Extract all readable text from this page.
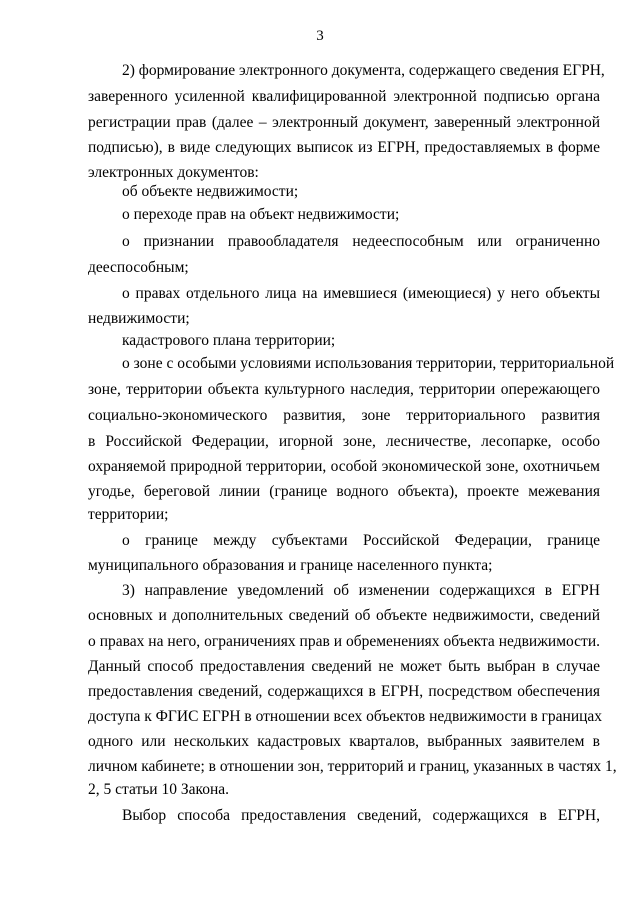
3
2) формирование электронного документа, содержащего сведения ЕГРН,
заверенного усиленной квалифицированной электронной подписью органа
регистрации прав (далее – электронный документ, заверенный электронной
подписью), в виде следующих выписок из ЕГРН, предоставляемых в форме
электронных документов:
об объекте недвижимости;
о переходе прав на объект недвижимости;
о признании правообладателя недееспособным или ограниченно
дееспособным;
о правах отдельного лица на имевшиеся (имеющиеся) у него объекты
недвижимости;
кадастрового плана территории;
о зоне с особыми условиями использования территории, территориальной
зоне, территории объекта культурного наследия, территории опережающего
социально-экономического развития, зоне территориального развития
в Российской Федерации, игорной зоне, лесничестве, лесопарке, особо
охраняемой природной территории, особой экономической зоне, охотничьем
угодье, береговой линии (границе водного объекта), проекте межевания
территории;
о границе между субъектами Российской Федерации, границе
муниципального образования и границе населенного пункта;
3) направление уведомлений об изменении содержащихся в ЕГРН
основных и дополнительных сведений об объекте недвижимости, сведений
о правах на него, ограничениях прав и обременениях объекта недвижимости.
Данный способ предоставления сведений не может быть выбран в случае
предоставления сведений, содержащихся в ЕГРН, посредством обеспечения
доступа к ФГИС ЕГРН в отношении всех объектов недвижимости в границах
одного или нескольких кадастровых кварталов, выбранных заявителем в
личном кабинете; в отношении зон, территорий и границ, указанных в частях 1,
2, 5 статьи 10 Закона.
Выбор способа предоставления сведений, содержащихся в ЕГРН,
